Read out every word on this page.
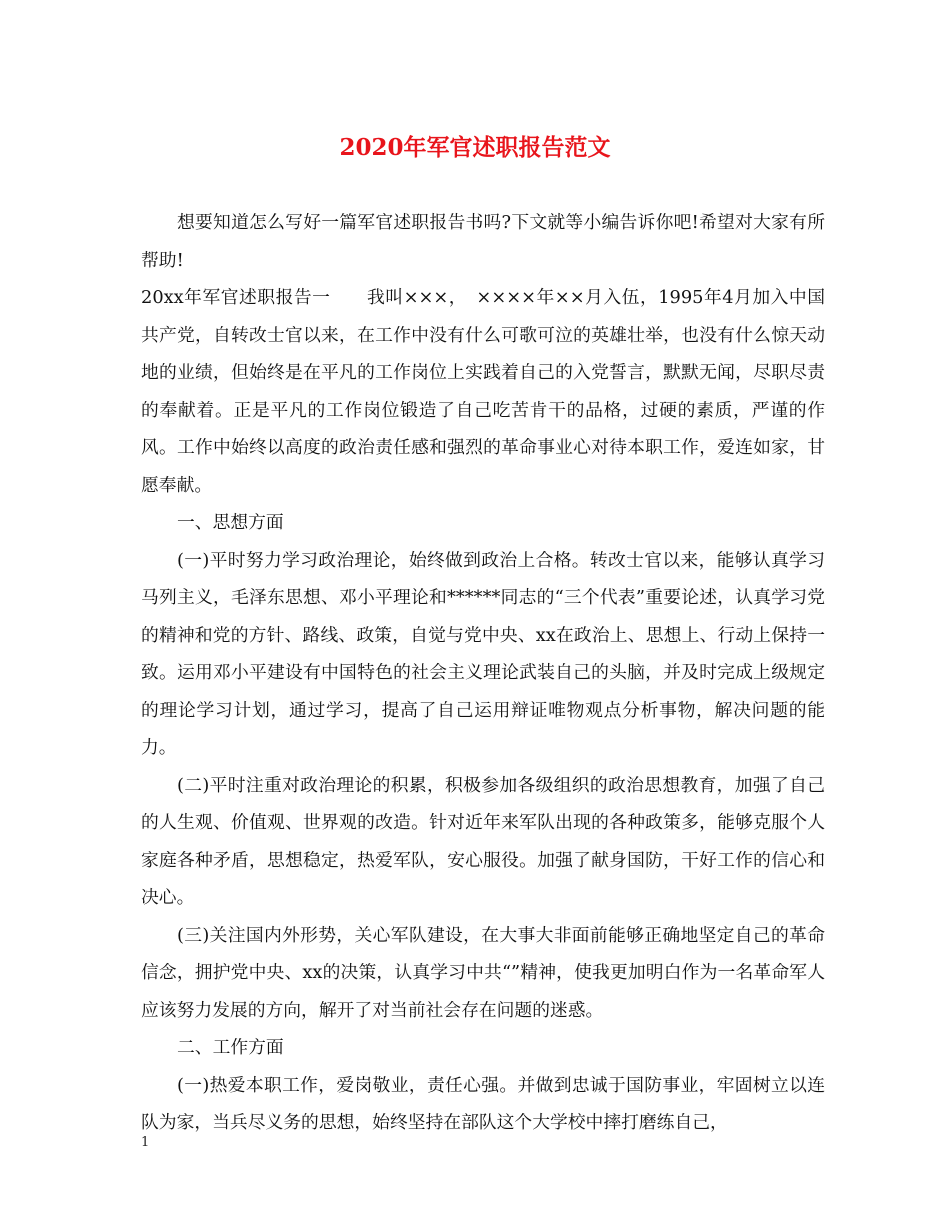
2020年军官述职报告范文

想要知道怎么写好一篇军官述职报告书吗?下文就等小编告诉你吧!希望对大家有所帮助!

20xx年军官述职报告一　　我叫×××，　××××年××月入伍，1995年4月加入中国共产党，自转改士官以来，在工作中没有什么可歌可泣的英雄壮举，也没有什么惊天动地的业绩，但始终是在平凡的工作岗位上实践着自己的入党誓言，默默无闻，尽职尽责的奉献着。正是平凡的工作岗位锻造了自己吃苦肯干的品格，过硬的素质，严谨的作风。工作中始终以高度的政治责任感和强烈的革命事业心对待本职工作，爱连如家，甘愿奉献。

一、思想方面

(一)平时努力学习政治理论，始终做到政治上合格。转改士官以来，能够认真学习马列主义，毛泽东思想、邓小平理论和******同志的“三个代表”重要论述，认真学习党的精神和党的方针、路线、政策，自觉与党中央、xx在政治上、思想上、行动上保持一致。运用邓小平建设有中国特色的社会主义理论武装自己的头脑，并及时完成上级规定的理论学习计划，通过学习，提高了自己运用辩证唯物观点分析事物，解决问题的能力。

(二)平时注重对政治理论的积累，积极参加各级组织的政治思想教育，加强了自己的人生观、价值观、世界观的改造。针对近年来军队出现的各种政策多，能够克服个人家庭各种矛盾，思想稳定，热爱军队，安心服役。加强了献身国防，干好工作的信心和决心。

(三)关注国内外形势，关心军队建设，在大事大非面前能够正确地坚定自己的革命信念，拥护党中央、xx的决策，认真学习中共“”精神，使我更加明白作为一名革命军人应该努力发展的方向，解开了对当前社会存在问题的迷惑。

二、工作方面

(一)热爱本职工作，爱岗敬业，责任心强。并做到忠诚于国防事业，牢固树立以连队为家，当兵尽义务的思想，始终坚持在部队这个大学校中摔打磨练自己，

1
